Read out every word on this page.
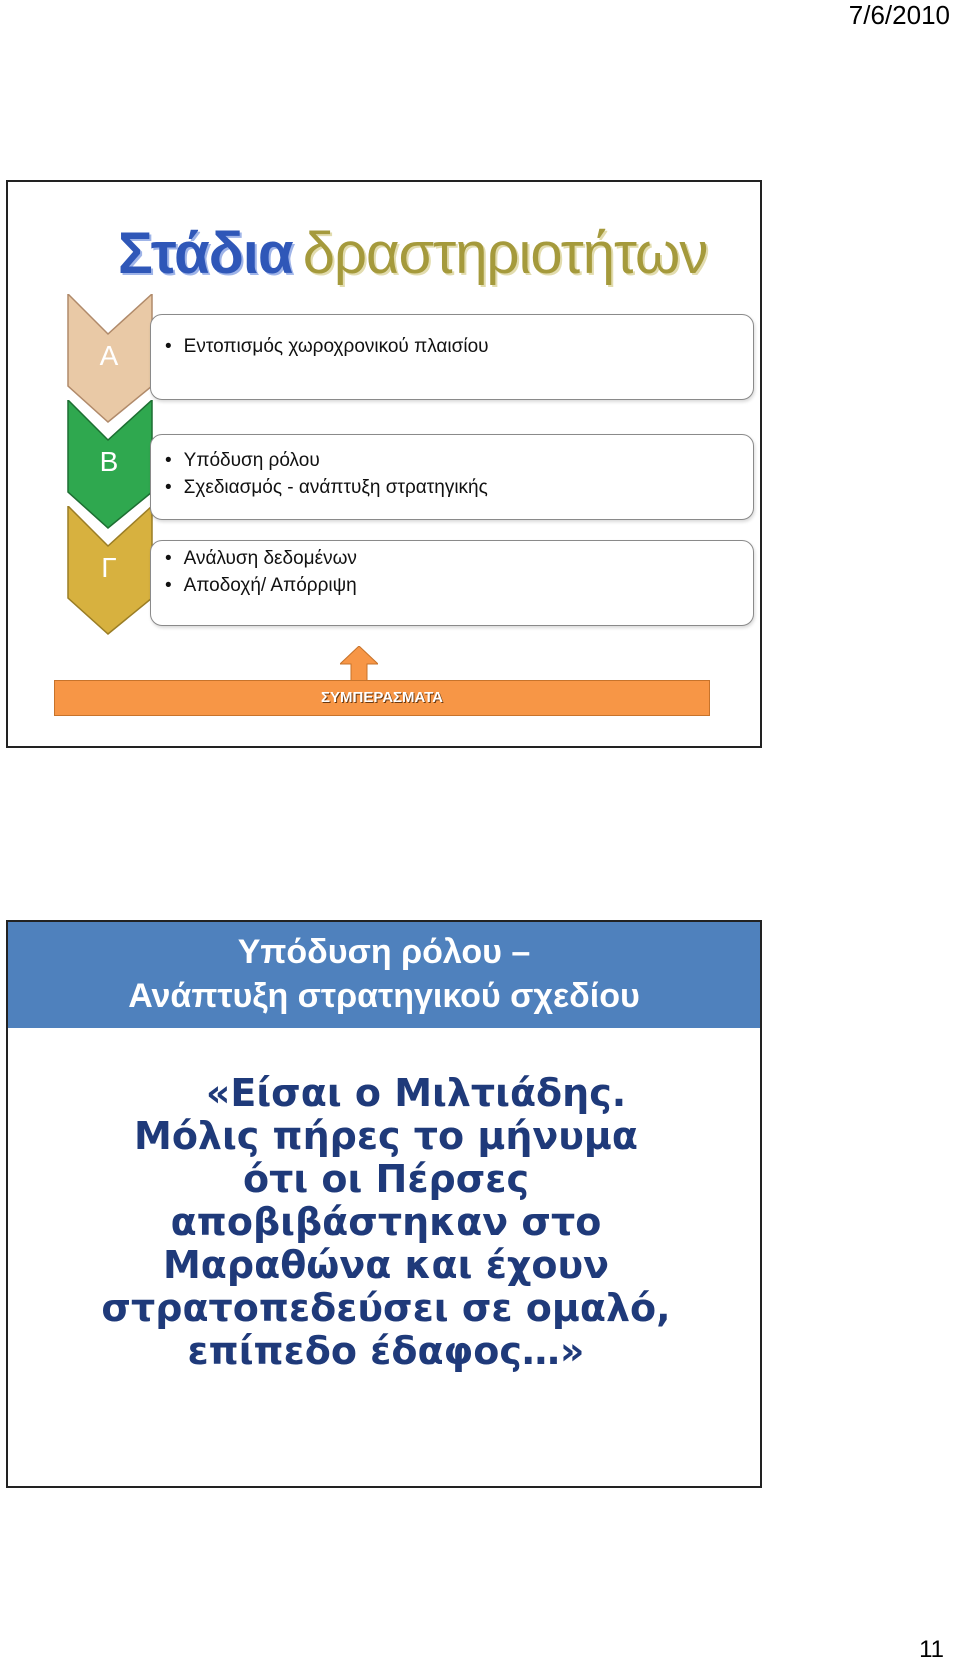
7/6/2010
Στάδια δραστηριοτήτων
Α
Β
Γ
• Εντοπισμός χωροχρονικού πλαισίου
• Υπόδυση ρόλου
• Σχεδιασμός - ανάπτυξη στρατηγικής
• Ανάλυση δεδομένων
• Αποδοχή/ Απόρριψη
ΣΥΜΠΕΡΑΣΜΑΤΑ
Υπόδυση ρόλου –
Ανάπτυξη στρατηγικού σχεδίου
«Είσαι ο Μιλτιάδης.
Μόλις πήρες το μήνυμα
ότι οι Πέρσες
αποβιβάστηκαν στο
Μαραθώνα και έχουν
στρατοπεδεύσει σε ομαλό,
επίπεδο έδαφος…»
11
